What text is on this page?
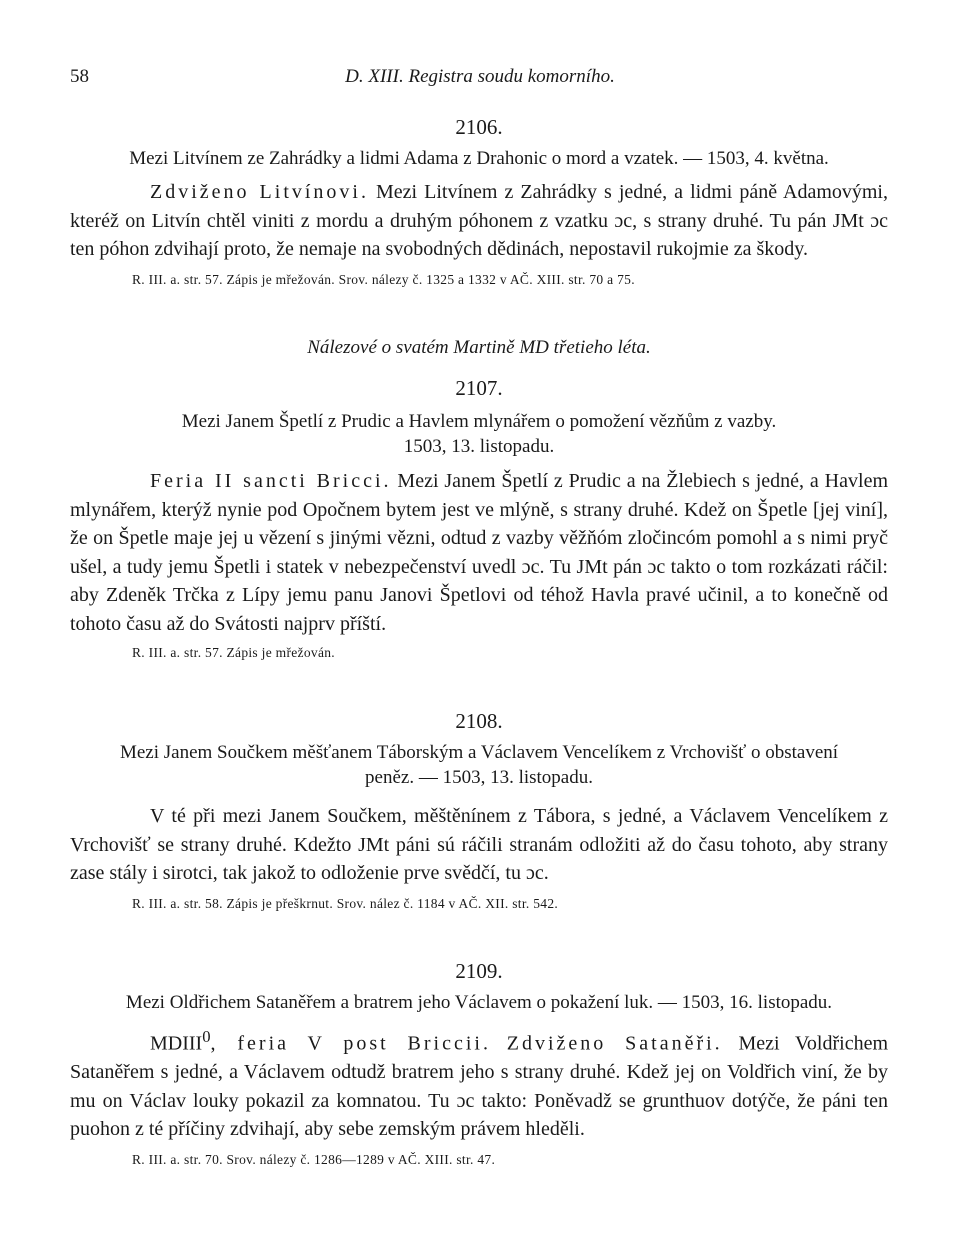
58	D. XIII. Registra soudu komorního.

2106.

Mezi Litvínem ze Zahrádky a lidmi Adama z Drahonic o mord a vzatek. — 1503, 4. května.

Zdviženo Litvínovi. Mezi Litvínem z Zahrádky s jedné, a lidmi páně Adamovými, kteréž on Litvín chtěl viniti z mordu a druhým póhonem z vzatku ɔc, s strany druhé. Tu pán JMt ɔc ten póhon zdvihají proto, že nemaje na svobodných dědinách, nepostavil rukojmie za škody.

R. III. a. str. 57. Zápis je mřežován. Srov. nálezy č. 1325 a 1332 v AČ. XIII. str. 70 a 75.

Nálezové o svatém Martině MD třetieho léta.

2107.

Mezi Janem Špetlí z Prudic a Havlem mlynářem o pomožení vězňům z vazby.

1503, 13. listopadu.

Feria II sancti Bricci. Mezi Janem Špetlí z Prudic a na Žlebiech s jedné, a Havlem mlynářem, kterýž nynie pod Opočnem bytem jest ve mlýně, s strany druhé. Kdež on Špetle [jej viní], že on Špetle maje jej u vězení s jinými vězni, odtud z vazby věžňóm zločincóm pomohl a s nimi pryč ušel, a tudy jemu Špetli i statek v nebezpečenství uvedl ɔc. Tu JMt pán ɔc takto o tom rozkázati ráčil: aby Zdeněk Trčka z Lípy jemu panu Janovi Špetlovi od téhož Havla pravé učinil, a to konečně od tohoto času až do Svátosti najprv příští.

R. III. a. str. 57. Zápis je mřežován.

2108.

Mezi Janem Součkem měšťanem Táborským a Václavem Vencelíkem z Vrchovišť o obstavení

peněz. — 1503, 13. listopadu.

V té při mezi Janem Součkem, měštěnínem z Tábora, s jedné, a Václavem Vencelíkem z Vrchovišť se strany druhé. Kdežto JMt páni sú ráčili stranám odložiti až do času tohoto, aby strany zase stály i sirotci, tak jakož to odloženie prve svědčí, tu ɔc.

R. III. a. str. 58. Zápis je přeškrnut. Srov. nález č. 1184 v AČ. XII. str. 542.

2109.

Mezi Oldřichem Sataněřem a bratrem jeho Václavem o pokažení luk. — 1503, 16. listopadu.

MDIII$^0$, feria V post Briccii. Zdviženo Sataněři. Mezi Voldřichem Sataněřem s jedné, a Václavem odtudž bratrem jeho s strany druhé. Kdež jej on Voldřich viní, že by mu on Václav louky pokazil za komnatou. Tu ɔc takto: Poněvadž se grunthuov dotýče, že páni ten puohon z té příčiny zdvihají, aby sebe zemským právem hleděli.

R. III. a. str. 70. Srov. nálezy č. 1286—1289 v AČ. XIII. str. 47.
